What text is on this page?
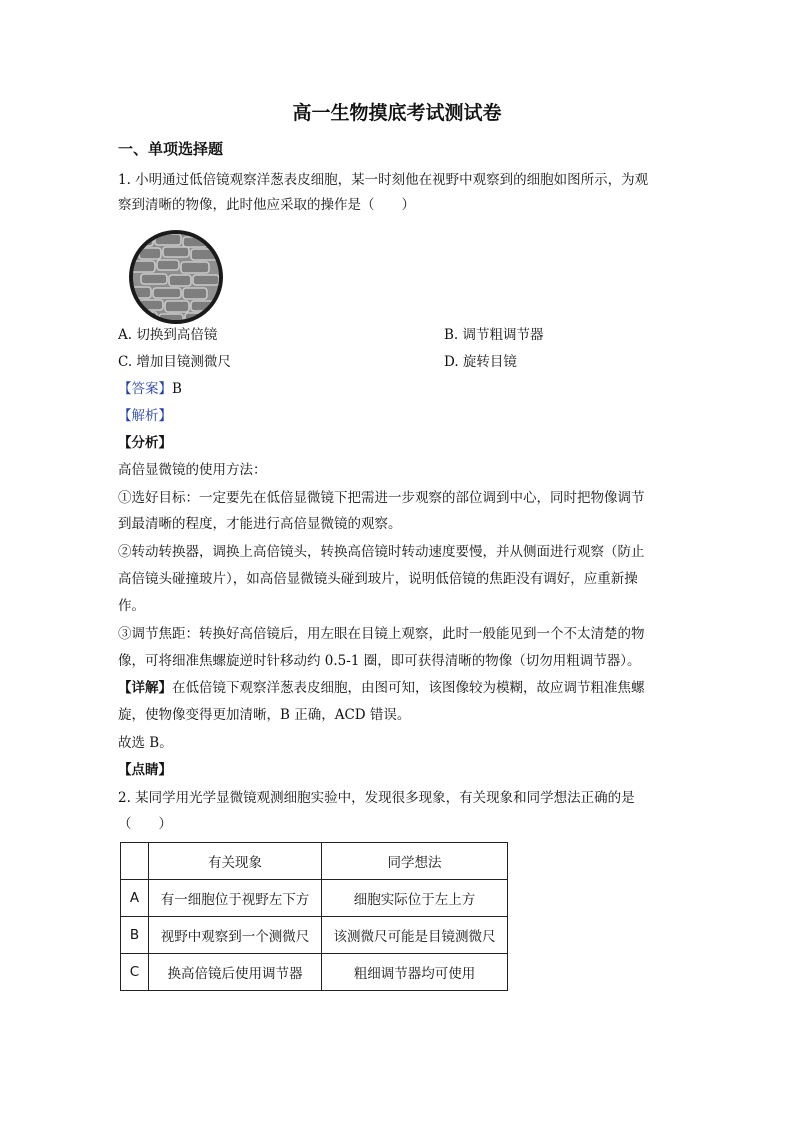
高一生物摸底考试测试卷
一、单项选择题
1. 小明通过低倍镜观察洋葱表皮细胞，某一时刻他在视野中观察到的细胞如图所示，为观
察到清晰的物像，此时他应采取的操作是（　　）
A. 切换到高倍镜	B. 调节粗调节器
C. 增加目镜测微尺	D. 旋转目镜
【答案】B
【解析】
【分析】
高倍显微镜的使用方法：
①选好目标：一定要先在低倍显微镜下把需进一步观察的部位调到中心，同时把物像调节
到最清晰的程度，才能进行高倍显微镜的观察。
②转动转换器，调换上高倍镜头，转换高倍镜时转动速度要慢，并从侧面进行观察（防止
高倍镜头碰撞玻片），如高倍显微镜头碰到玻片，说明低倍镜的焦距没有调好，应重新操
作。
③调节焦距：转换好高倍镜后，用左眼在目镜上观察，此时一般能见到一个不太清楚的物
像，可将细准焦螺旋逆时针移动约 0.5-1 圈，即可获得清晰的物像（切勿用粗调节器）。
【详解】在低倍镜下观察洋葱表皮细胞，由图可知，该图像较为模糊，故应调节粗准焦螺
旋，使物像变得更加清晰，B 正确，ACD 错误。
故选 B。
【点睛】
2. 某同学用光学显微镜观测细胞实验中，发现很多现象，有关现象和同学想法正确的是
（　　）
	有关现象	同学想法
A	有一细胞位于视野左下方	细胞实际位于左上方
B	视野中观察到一个测微尺	该测微尺可能是目镜测微尺
C	换高倍镜后使用调节器	粗细调节器均可使用
